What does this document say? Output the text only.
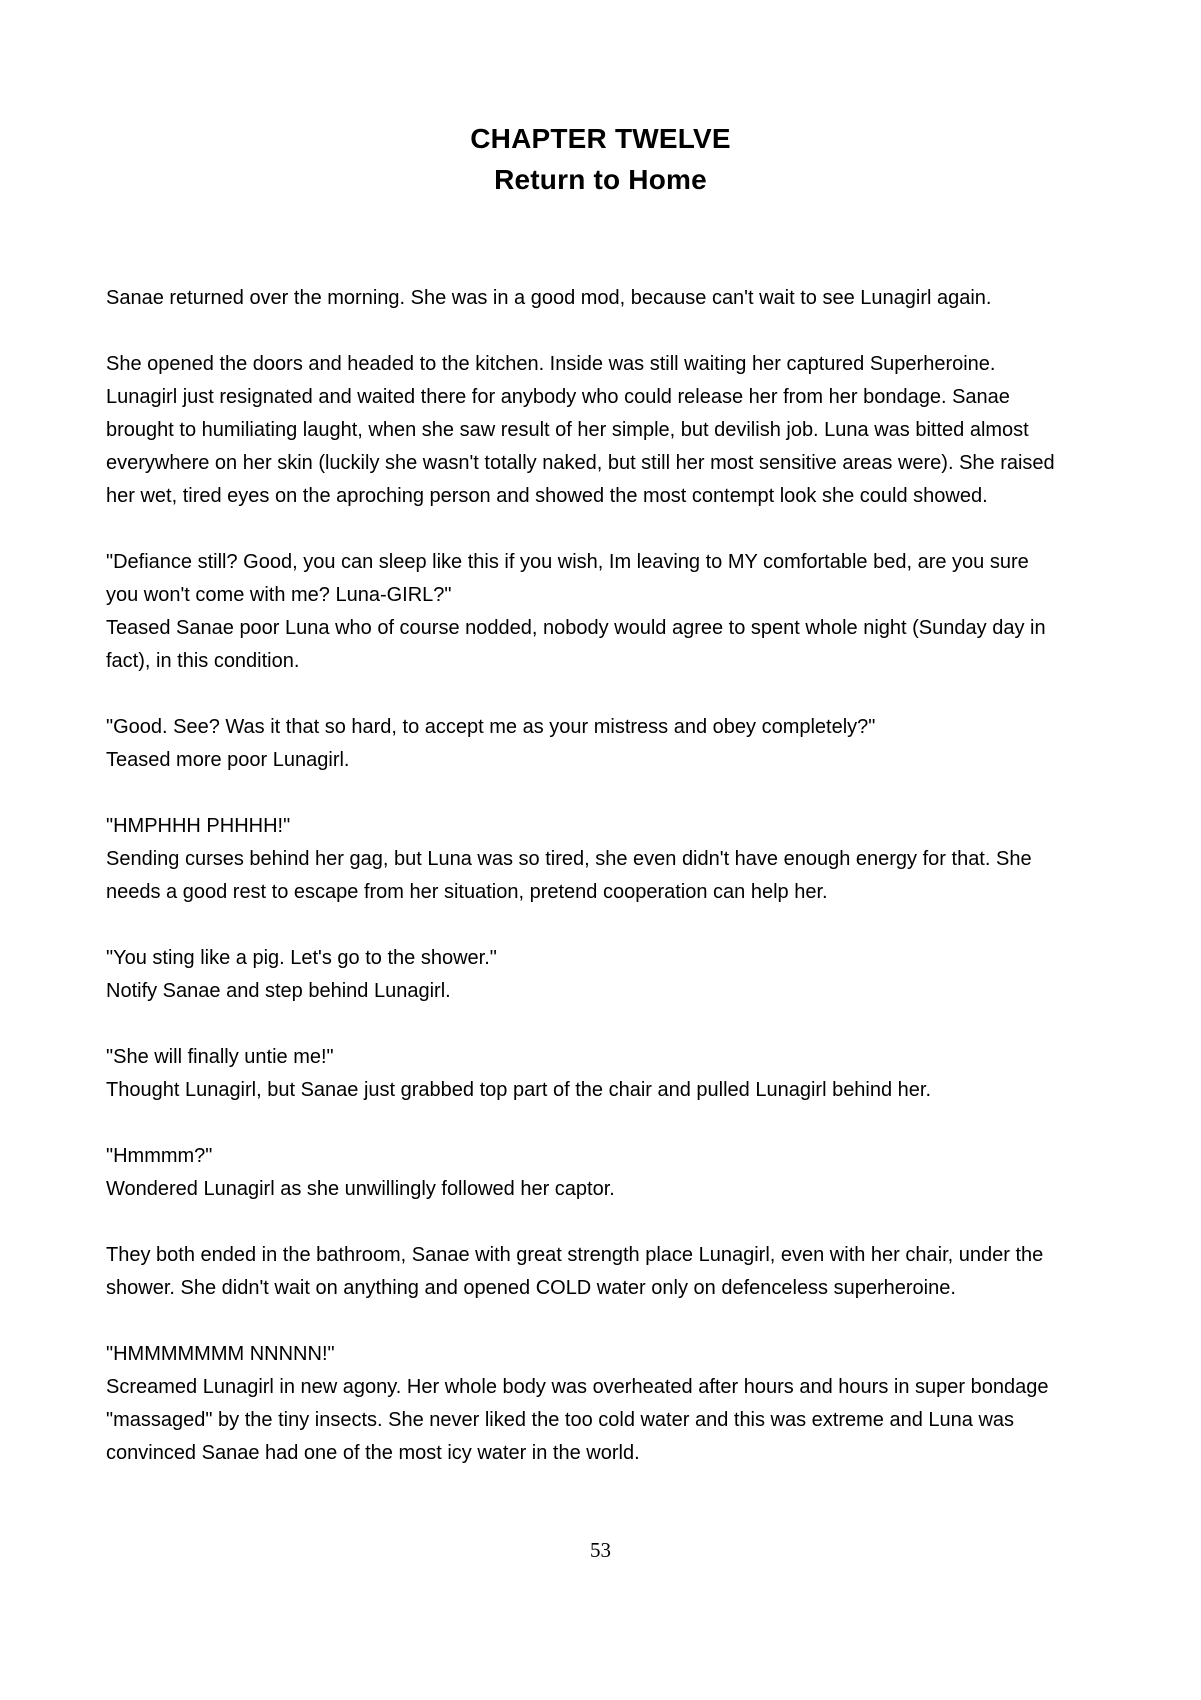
CHAPTER TWELVE
Return to Home
Sanae returned over the morning. She was in a good mod, because can't wait to see Lunagirl again.
She opened the doors and headed to the kitchen. Inside was still waiting her captured Superheroine.
Lunagirl just resignated and waited there for anybody who could release her from her bondage. Sanae
brought to humiliating laught, when she saw result of her simple, but devilish job. Luna was bitted almost
everywhere on her skin (luckily she wasn't totally naked, but still her most sensitive areas were). She raised
her wet, tired eyes on the aproching person and showed the most contempt look she could showed.
"Defiance still? Good, you can sleep like this if you wish, Im leaving to MY comfortable bed, are you sure
you won't come with me? Luna-GIRL?"
Teased Sanae poor Luna who of course nodded, nobody would agree to spent whole night (Sunday day in
fact), in this condition.
"Good. See? Was it that so hard, to accept me as your mistress and obey completely?"
Teased more poor Lunagirl.
"HMPHHH PHHHH!"
Sending curses behind her gag, but Luna was so tired, she even didn't have enough energy for that. She
needs a good rest to escape from her situation, pretend cooperation can help her.
"You sting like a pig. Let's go to the shower."
Notify Sanae and step behind Lunagirl.
"She will finally untie me!"
Thought Lunagirl, but Sanae just grabbed top part of the chair and pulled Lunagirl behind her.
"Hmmmm?"
Wondered Lunagirl as she unwillingly followed her captor.
They both ended in the bathroom, Sanae with great strength place Lunagirl, even with her chair, under the
shower. She didn't wait on anything and opened COLD water only on defenceless superheroine.
"HMMMMMMM NNNNN!"
Screamed Lunagirl in new agony. Her whole body was overheated after hours and hours in super bondage
"massaged" by the tiny insects. She never liked the too cold water and this was extreme and Luna was
convinced Sanae had one of the most icy water in the world.
53
